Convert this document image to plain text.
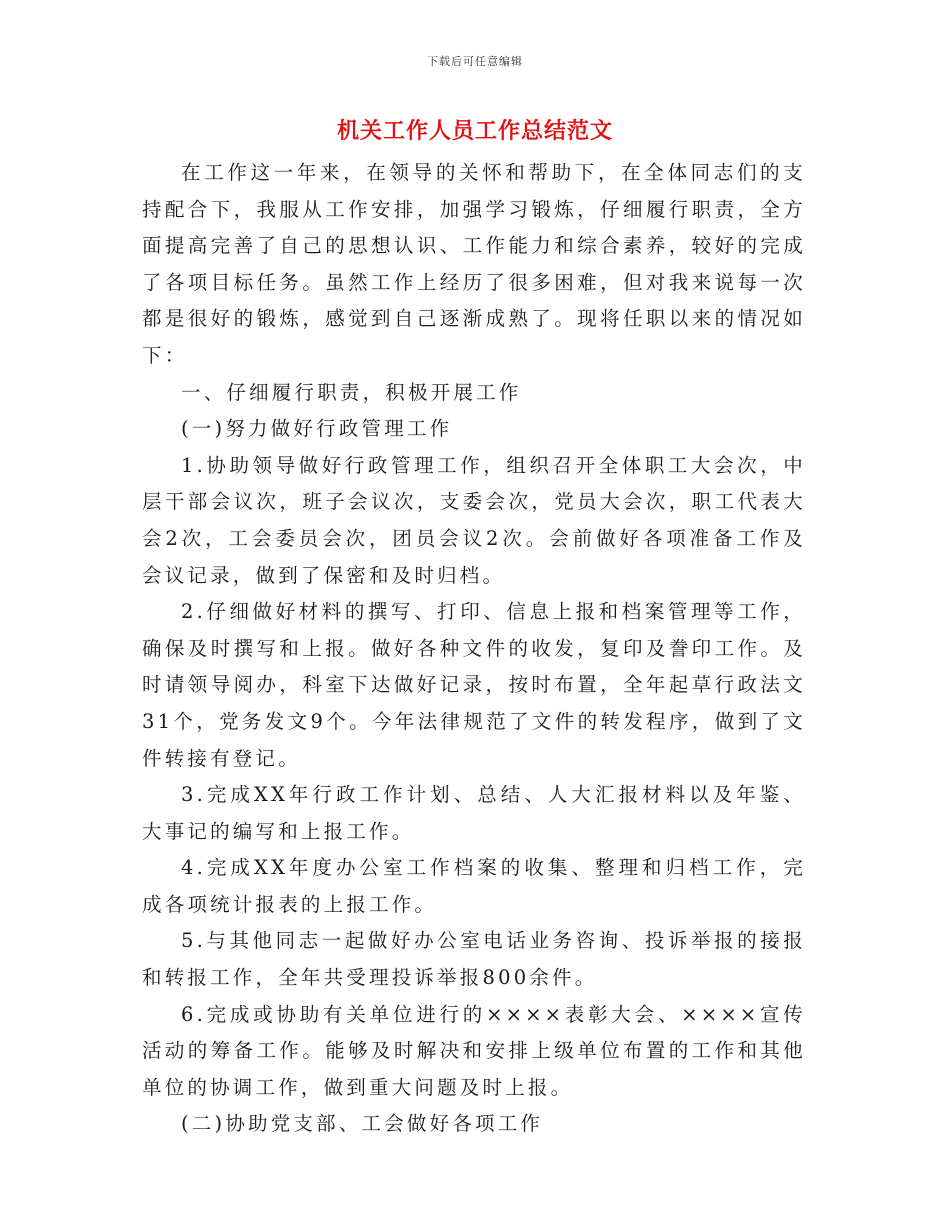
下载后可任意编辑
机关工作人员工作总结范文

在工作这一年来，在领导的关怀和帮助下，在全体同志们的支持配合下，我服从工作安排，加强学习锻炼，仔细履行职责，全方面提高完善了自己的思想认识、工作能力和综合素养，较好的完成了各项目标任务。虽然工作上经历了很多困难，但对我来说每一次都是很好的锻炼，感觉到自己逐渐成熟了。现将任职以来的情况如下：

一、仔细履行职责，积极开展工作

(一)努力做好行政管理工作

1.协助领导做好行政管理工作，组织召开全体职工大会次，中层干部会议次，班子会议次，支委会次，党员大会次，职工代表大会2次，工会委员会次，团员会议2次。会前做好各项准备工作及会议记录，做到了保密和及时归档。

2.仔细做好材料的撰写、打印、信息上报和档案管理等工作，确保及时撰写和上报。做好各种文件的收发，复印及誊印工作。及时请领导阅办，科室下达做好记录，按时布置，全年起草行政法文31个，党务发文9个。今年法律规范了文件的转发程序，做到了文件转接有登记。

3.完成XX年行政工作计划、总结、人大汇报材料以及年鉴、大事记的编写和上报工作。

4.完成XX年度办公室工作档案的收集、整理和归档工作，完成各项统计报表的上报工作。

5.与其他同志一起做好办公室电话业务咨询、投诉举报的接报和转报工作，全年共受理投诉举报800余件。

6.完成或协助有关单位进行的××××表彰大会、××××宣传活动的筹备工作。能够及时解决和安排上级单位布置的工作和其他单位的协调工作，做到重大问题及时上报。

(二)协助党支部、工会做好各项工作
